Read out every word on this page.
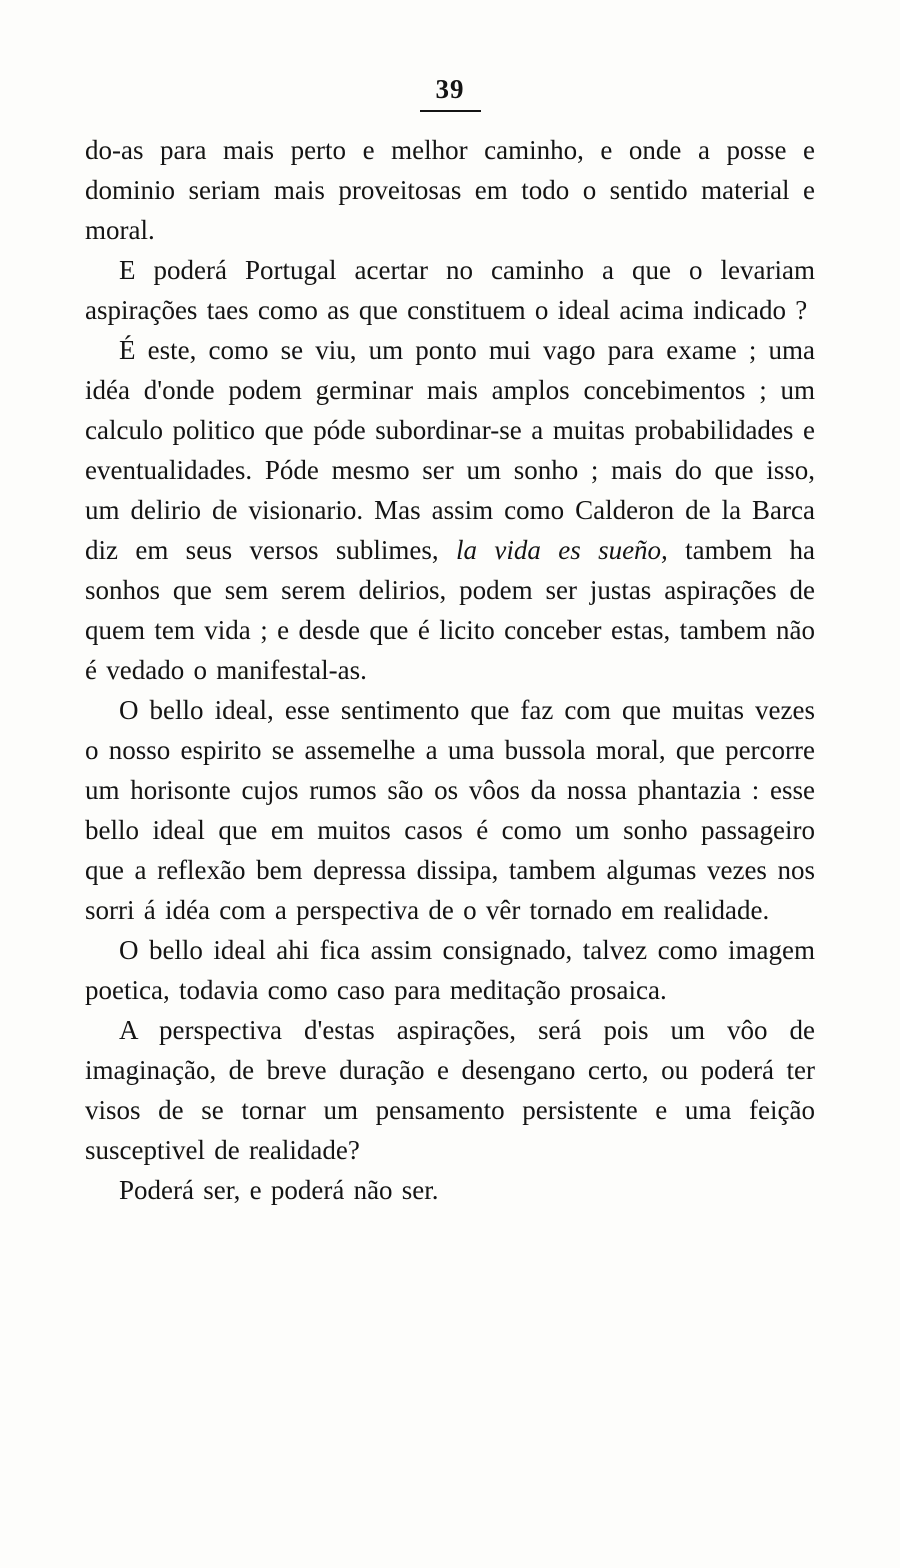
39

do-as para mais perto e melhor caminho, e onde a posse e dominio seriam mais proveitosas em todo o sentido material e moral.

E poderá Portugal acertar no caminho a que o levariam aspirações taes como as que constituem o ideal acima indicado ?

É este, como se viu, um ponto mui vago para exame ; uma idéa d'onde podem germinar mais amplos concebimentos ; um calculo politico que póde subordinar-se a muitas probabilidades e eventualidades. Póde mesmo ser um sonho ; mais do que isso, um delirio de visionario. Mas assim como Calderon de la Barca diz em seus versos sublimes, la vida es sueño, tambem ha sonhos que sem serem delirios, podem ser justas aspirações de quem tem vida ; e desde que é licito conceber estas, tambem não é vedado o manifestal-as.

O bello ideal, esse sentimento que faz com que muitas vezes o nosso espirito se assemelhe a uma bussola moral, que percorre um horisonte cujos rumos são os vôos da nossa phantazia : esse bello ideal que em muitos casos é como um sonho passageiro que a reflexão bem depressa dissipa, tambem algumas vezes nos sorri á idéa com a perspectiva de o vêr tornado em realidade.

O bello ideal ahi fica assim consignado, talvez como imagem poetica, todavia como caso para meditação prosaica.

A perspectiva d'estas aspirações, será pois um vôo de imaginação, de breve duração e desengano certo, ou poderá ter visos de se tornar um pensamento persistente e uma feição susceptivel de realidade?

Poderá ser, e poderá não ser.
